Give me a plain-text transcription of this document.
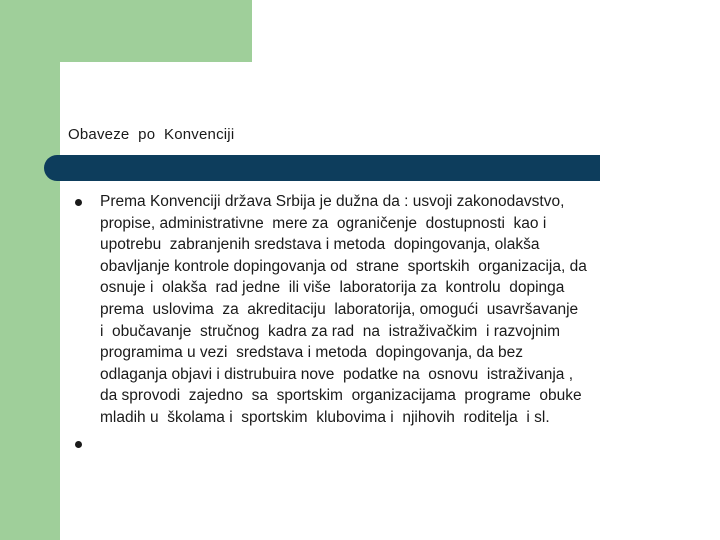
Obaveze  po  Konvencijі
Prema Konvenciji država Srbija je dužna da : usvoji zakonodavstvo,
propise, administrativne  mere za  ograničenje  dostupnosti  kao i
upotrebu  zabranjenih sredstava i metoda  dopingovanja, olakša
obavljanje kontrole dopingovanja od  strane  sportskih  organizacija, da
osnuje i  olakša  rad jedne  ili više  laboratorija za  kontrolu  dopinga
prema  uslovima  za  akreditaciju  laboratorija, omogući  usavršavanje
i  obučavanje  stručnog  kadra za rad  na  istraživačkim  i razvojnim
programima u vezi  sredstava i metoda  dopingovanja, da bez
odlaganja objavi i distrubuira nove  podatke na  osnovu  istraživanja ,
da sprovodi  zajedno  sa  sportskim  organizacijama  programe  obuke
mladih u  školama i  sportskim  klubovima i  njihovih  roditelja  i sl.
